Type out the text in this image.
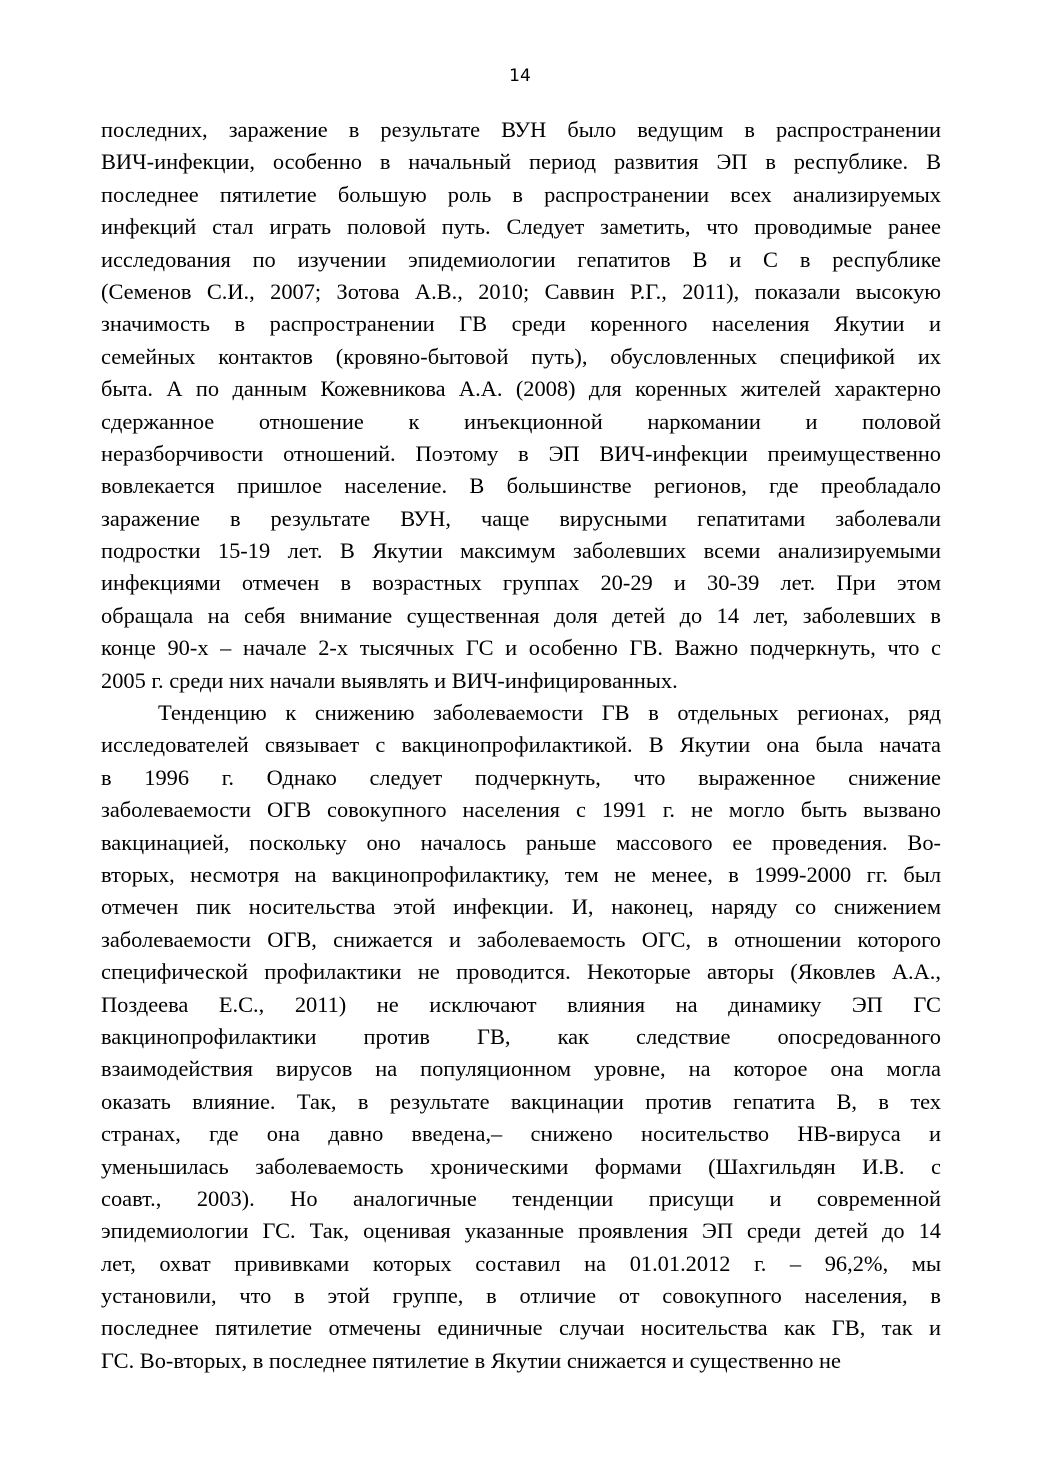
14
последних, заражение в результате ВУН было ведущим в распространении
ВИЧ-инфекции, особенно в начальный период развития ЭП в республике. В
последнее пятилетие большую роль в распространении всех анализируемых
инфекций стал играть половой путь. Следует заметить, что проводимые ранее
исследования по изучении эпидемиологии гепатитов В и С в республике
(Семенов С.И., 2007; Зотова А.В., 2010; Саввин Р.Г., 2011), показали высокую
значимость в распространении ГВ среди коренного населения Якутии и
семейных контактов (кровяно-бытовой путь), обусловленных спецификой их
быта. А по данным Кожевникова А.А. (2008) для коренных жителей характерно
сдержанное отношение к инъекционной наркомании и половой
неразборчивости отношений. Поэтому в ЭП ВИЧ-инфекции преимущественно
вовлекается пришлое население. В большинстве регионов, где преобладало
заражение в результате ВУН, чаще вирусными гепатитами заболевали
подростки 15-19 лет. В Якутии максимум заболевших всеми анализируемыми
инфекциями отмечен в возрастных группах 20-29 и 30-39 лет. При этом
обращала на себя внимание существенная доля детей до 14 лет, заболевших в
конце 90-х – начале 2-х тысячных ГС и особенно ГВ. Важно подчеркнуть, что с
2005 г. среди них начали выявлять и ВИЧ-инфицированных.
Тенденцию к снижению заболеваемости ГВ в отдельных регионах, ряд
исследователей связывает с вакцинопрофилактикой. В Якутии она была начата
в 1996 г. Однако следует подчеркнуть, что выраженное снижение
заболеваемости ОГВ совокупного населения с 1991 г. не могло быть вызвано
вакцинацией, поскольку оно началось раньше массового ее проведения. Во-
вторых, несмотря на вакцинопрофилактику, тем не менее, в 1999-2000 гг. был
отмечен пик носительства этой инфекции. И, наконец, наряду со снижением
заболеваемости ОГВ, снижается и заболеваемость ОГС, в отношении которого
специфической профилактики не проводится. Некоторые авторы (Яковлев А.А.,
Поздеева Е.С., 2011) не исключают влияния на динамику ЭП ГС
вакцинопрофилактики против ГВ, как следствие опосредованного
взаимодействия вирусов на популяционном уровне, на которое она могла
оказать влияние. Так, в результате вакцинации против гепатита В, в тех
странах, где она давно введена,– снижено носительство HВ-вируса и
уменьшилась заболеваемость хроническими формами (Шахгильдян И.В. с
соавт., 2003). Но аналогичные тенденции присущи и современной
эпидемиологии ГС. Так, оценивая указанные проявления ЭП среди детей до 14
лет, охват прививками которых составил на 01.01.2012 г. – 96,2%, мы
установили, что в этой группе, в отличие от совокупного населения, в
последнее пятилетие отмечены единичные случаи носительства как ГВ, так и
ГС. Во-вторых, в последнее пятилетие в Якутии снижается и существенно не
